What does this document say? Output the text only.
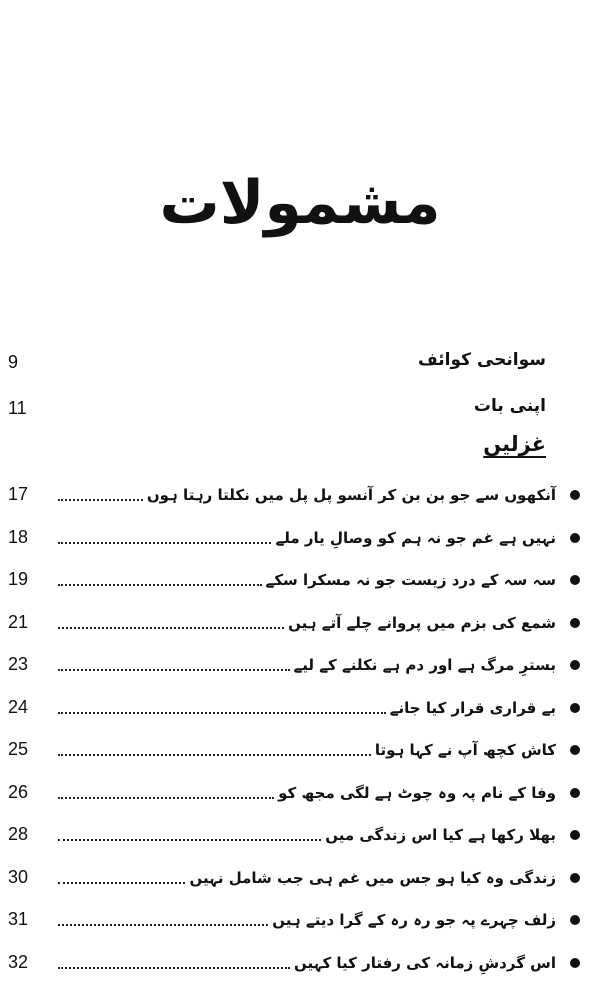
مشمولات
9	سوانحی کوائف
11	اپنی بات
غزلیں
17	آنکھوں سے جو بن بن کر آنسو پل پل میں نکلتا رہتا ہوں
18	نہیں ہے غم جو نہ ہم کو وصالِ یار ملے
19	سہ سہ کے درد زیست جو نہ مسکرا سکے
21	شمع کی بزم میں پروانے چلے آتے ہیں
23	بسترِ مرگ ہے اور دم ہے نکلنے کے لیے
24	بے قراری قرار کیا جانے
25	کاش کچھ آپ نے کہا ہوتا
26	وفا کے نام پہ وہ چوٹ ہے لگی مجھ کو
28	بھلا رکھا ہے کیا اس زندگی میں
30	زندگی وہ کیا ہو جس میں غم ہی جب شامل نہیں
31	زلف چہرے پہ جو رہ رہ کے گرا دیتے ہیں
32	اس گردشِ زمانہ کی رفتار کیا کہیں
